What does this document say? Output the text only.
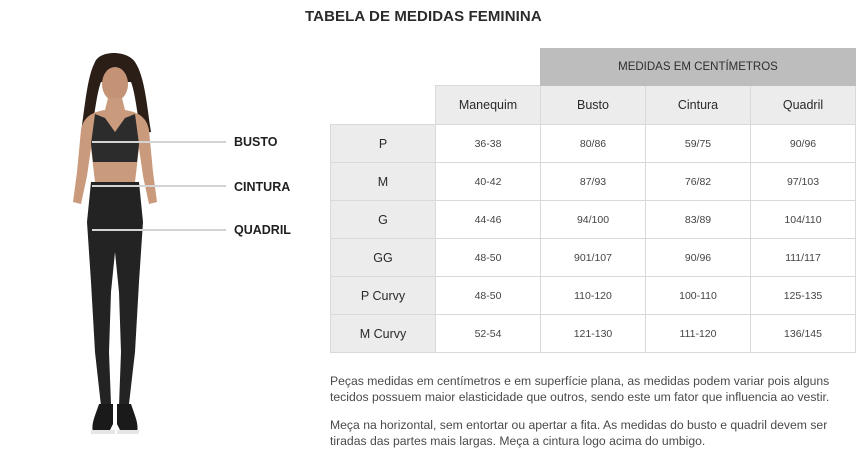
TABELA DE MEDIDAS FEMININA
BUSTO
CINTURA
QUADRIL
		MEDIDAS EM CENTÍMETROS		
	Manequim	Busto	Cintura	Quadril
P	36-38	80/86	59/75	90/96
M	40-42	87/93	76/82	97/103
G	44-46	94/100	83/89	104/110
GG	48-50	901/107	90/96	111/117
P Curvy	48-50	110-120	100-110	125-135
M Curvy	52-54	121-130	111-120	136/145

Peças medidas em centímetros e em superfície plana, as medidas podem variar pois alguns tecidos possuem maior elasticidade que outros, sendo este um fator que influencia ao vestir.

Meça na horizontal, sem entortar ou apertar a fita. As medidas do busto e quadril devem ser tiradas das partes mais largas. Meça a cintura logo acima do umbigo.
